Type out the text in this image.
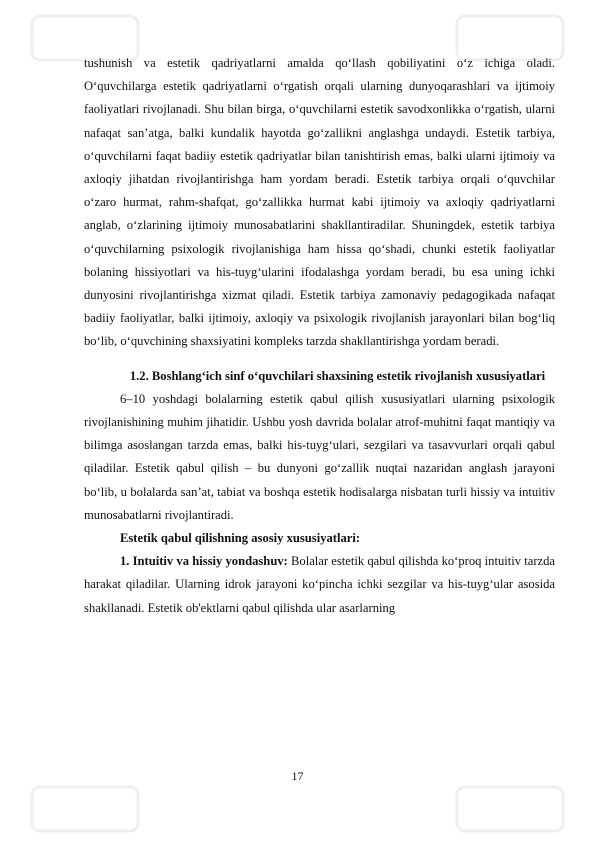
tushunish va estetik qadriyatlarni amalda qo‘llash qobiliyatini o‘z ichiga oladi. O‘quvchilarga estetik qadriyatlarni o‘rgatish orqali ularning dunyoqarashlari va ijtimoiy faoliyatlari rivojlanadi. Shu bilan birga, o‘quvchilarni estetik savodxonlikka o‘rgatish, ularni nafaqat san’atga, balki kundalik hayotda go‘zallikni anglashga undaydi. Estetik tarbiya, o‘quvchilarni faqat badiiy estetik qadriyatlar bilan tanishtirish emas, balki ularni ijtimoiy va axloqiy jihatdan rivojlantirishga ham yordam beradi. Estetik tarbiya orqali o‘quvchilar o‘zaro hurmat, rahm-shafqat, go‘zallikka hurmat kabi ijtimoiy va axloqiy qadriyatlarni anglab, o‘zlarining ijtimoiy munosabatlarini shakllantiradilar. Shuningdek, estetik tarbiya o‘quvchilarning psixologik rivojlanishiga ham hissa qo‘shadi, chunki estetik faoliyatlar bolaning hissiyotlari va his-tuyg‘ularini ifodalashga yordam beradi, bu esa uning ichki dunyosini rivojlantirishga xizmat qiladi. Estetik tarbiya zamonaviy pedagogikada nafaqat badiiy faoliyatlar, balki ijtimoiy, axloqiy va psixologik rivojlanish jarayonlari bilan bog‘liq bo‘lib, o‘quvchining shaxsiyatini kompleks tarzda shakllantirishga yordam beradi.

1.2. Boshlang‘ich sinf o‘quvchilari shaxsining estetik rivojlanish xususiyatlari

6–10 yoshdagi bolalarning estetik qabul qilish xususiyatlari ularning psixologik rivojlanishining muhim jihatidir. Ushbu yosh davrida bolalar atrof-muhitni faqat mantiqiy va bilimga asoslangan tarzda emas, balki his-tuyg‘ulari, sezgilari va tasavvurlari orqali qabul qiladilar. Estetik qabul qilish – bu dunyoni go‘zallik nuqtai nazaridan anglash jarayoni bo‘lib, u bolalarda san’at, tabiat va boshqa estetik hodisalarga nisbatan turli hissiy va intuitiv munosabatlarni rivojlantiradi.

Estetik qabul qilishning asosiy xususiyatlari:

1. Intuitiv va hissiy yondashuv: Bolalar estetik qabul qilishda ko‘proq intuitiv tarzda harakat qiladilar. Ularning idrok jarayoni ko‘pincha ichki sezgilar va his-tuyg‘ular asosida shakllanadi. Estetik ob'ektlarni qabul qilishda ular asarlarning

17
